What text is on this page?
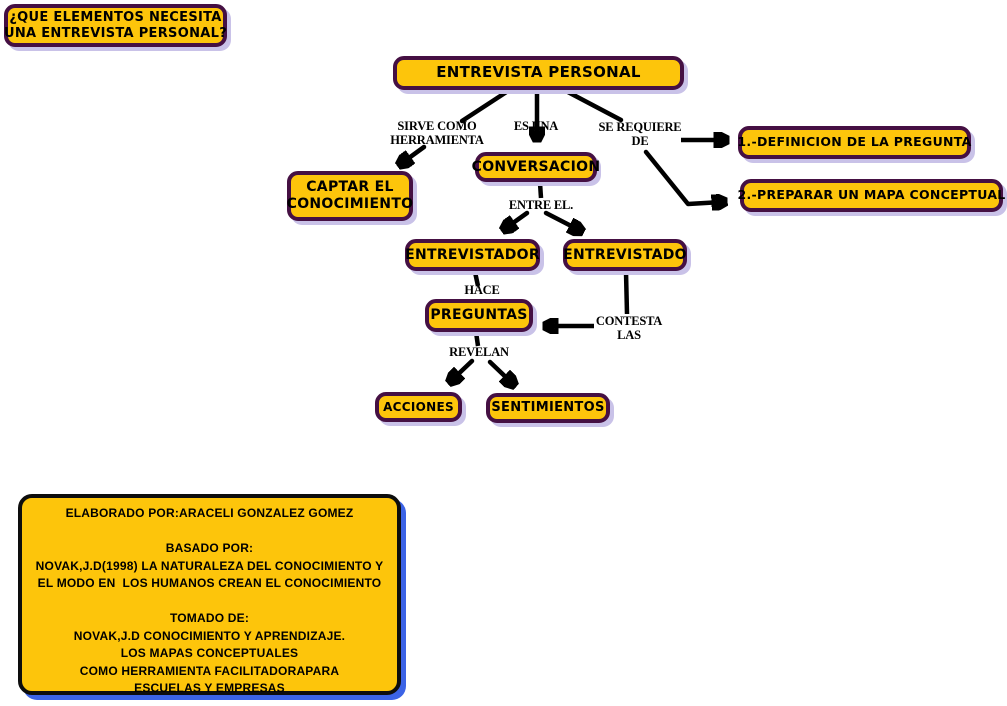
¿QUE ELEMENTOS NECESITA
UNA ENTREVISTA PERSONAL?
ENTREVISTA PERSONAL
CAPTAR EL
CONOCIMIENTO
CONVERSACION
1.-DEFINICION DE LA PREGUNTA
2.-PREPARAR UN MAPA CONCEPTUAL
ENTREVISTADOR ENTREVISTADO
PREGUNTAS
ACCIONES	SENTIMIENTOS
SIRVE COMO
HERRAMIENTA
ES UNA	SE REQUIERE
DE
ENTRE EL.
HACE
CONTESTA
LAS
REVELAN
ELABORADO POR:ARACELI GONZALEZ GOMEZ
BASADO POR:
NOVAK,J.D(1998) LA NATURALEZA DEL CONOCIMIENTO Y
EL MODO EN  LOS HUMANOS CREAN EL CONOCIMIENTO
TOMADO DE:
NOVAK,J.D CONOCIMIENTO Y APRENDIZAJE.
LOS MAPAS CONCEPTUALES
COMO HERRAMIENTA FACILITADORAPARA
ESCUELAS Y EMPRESAS
